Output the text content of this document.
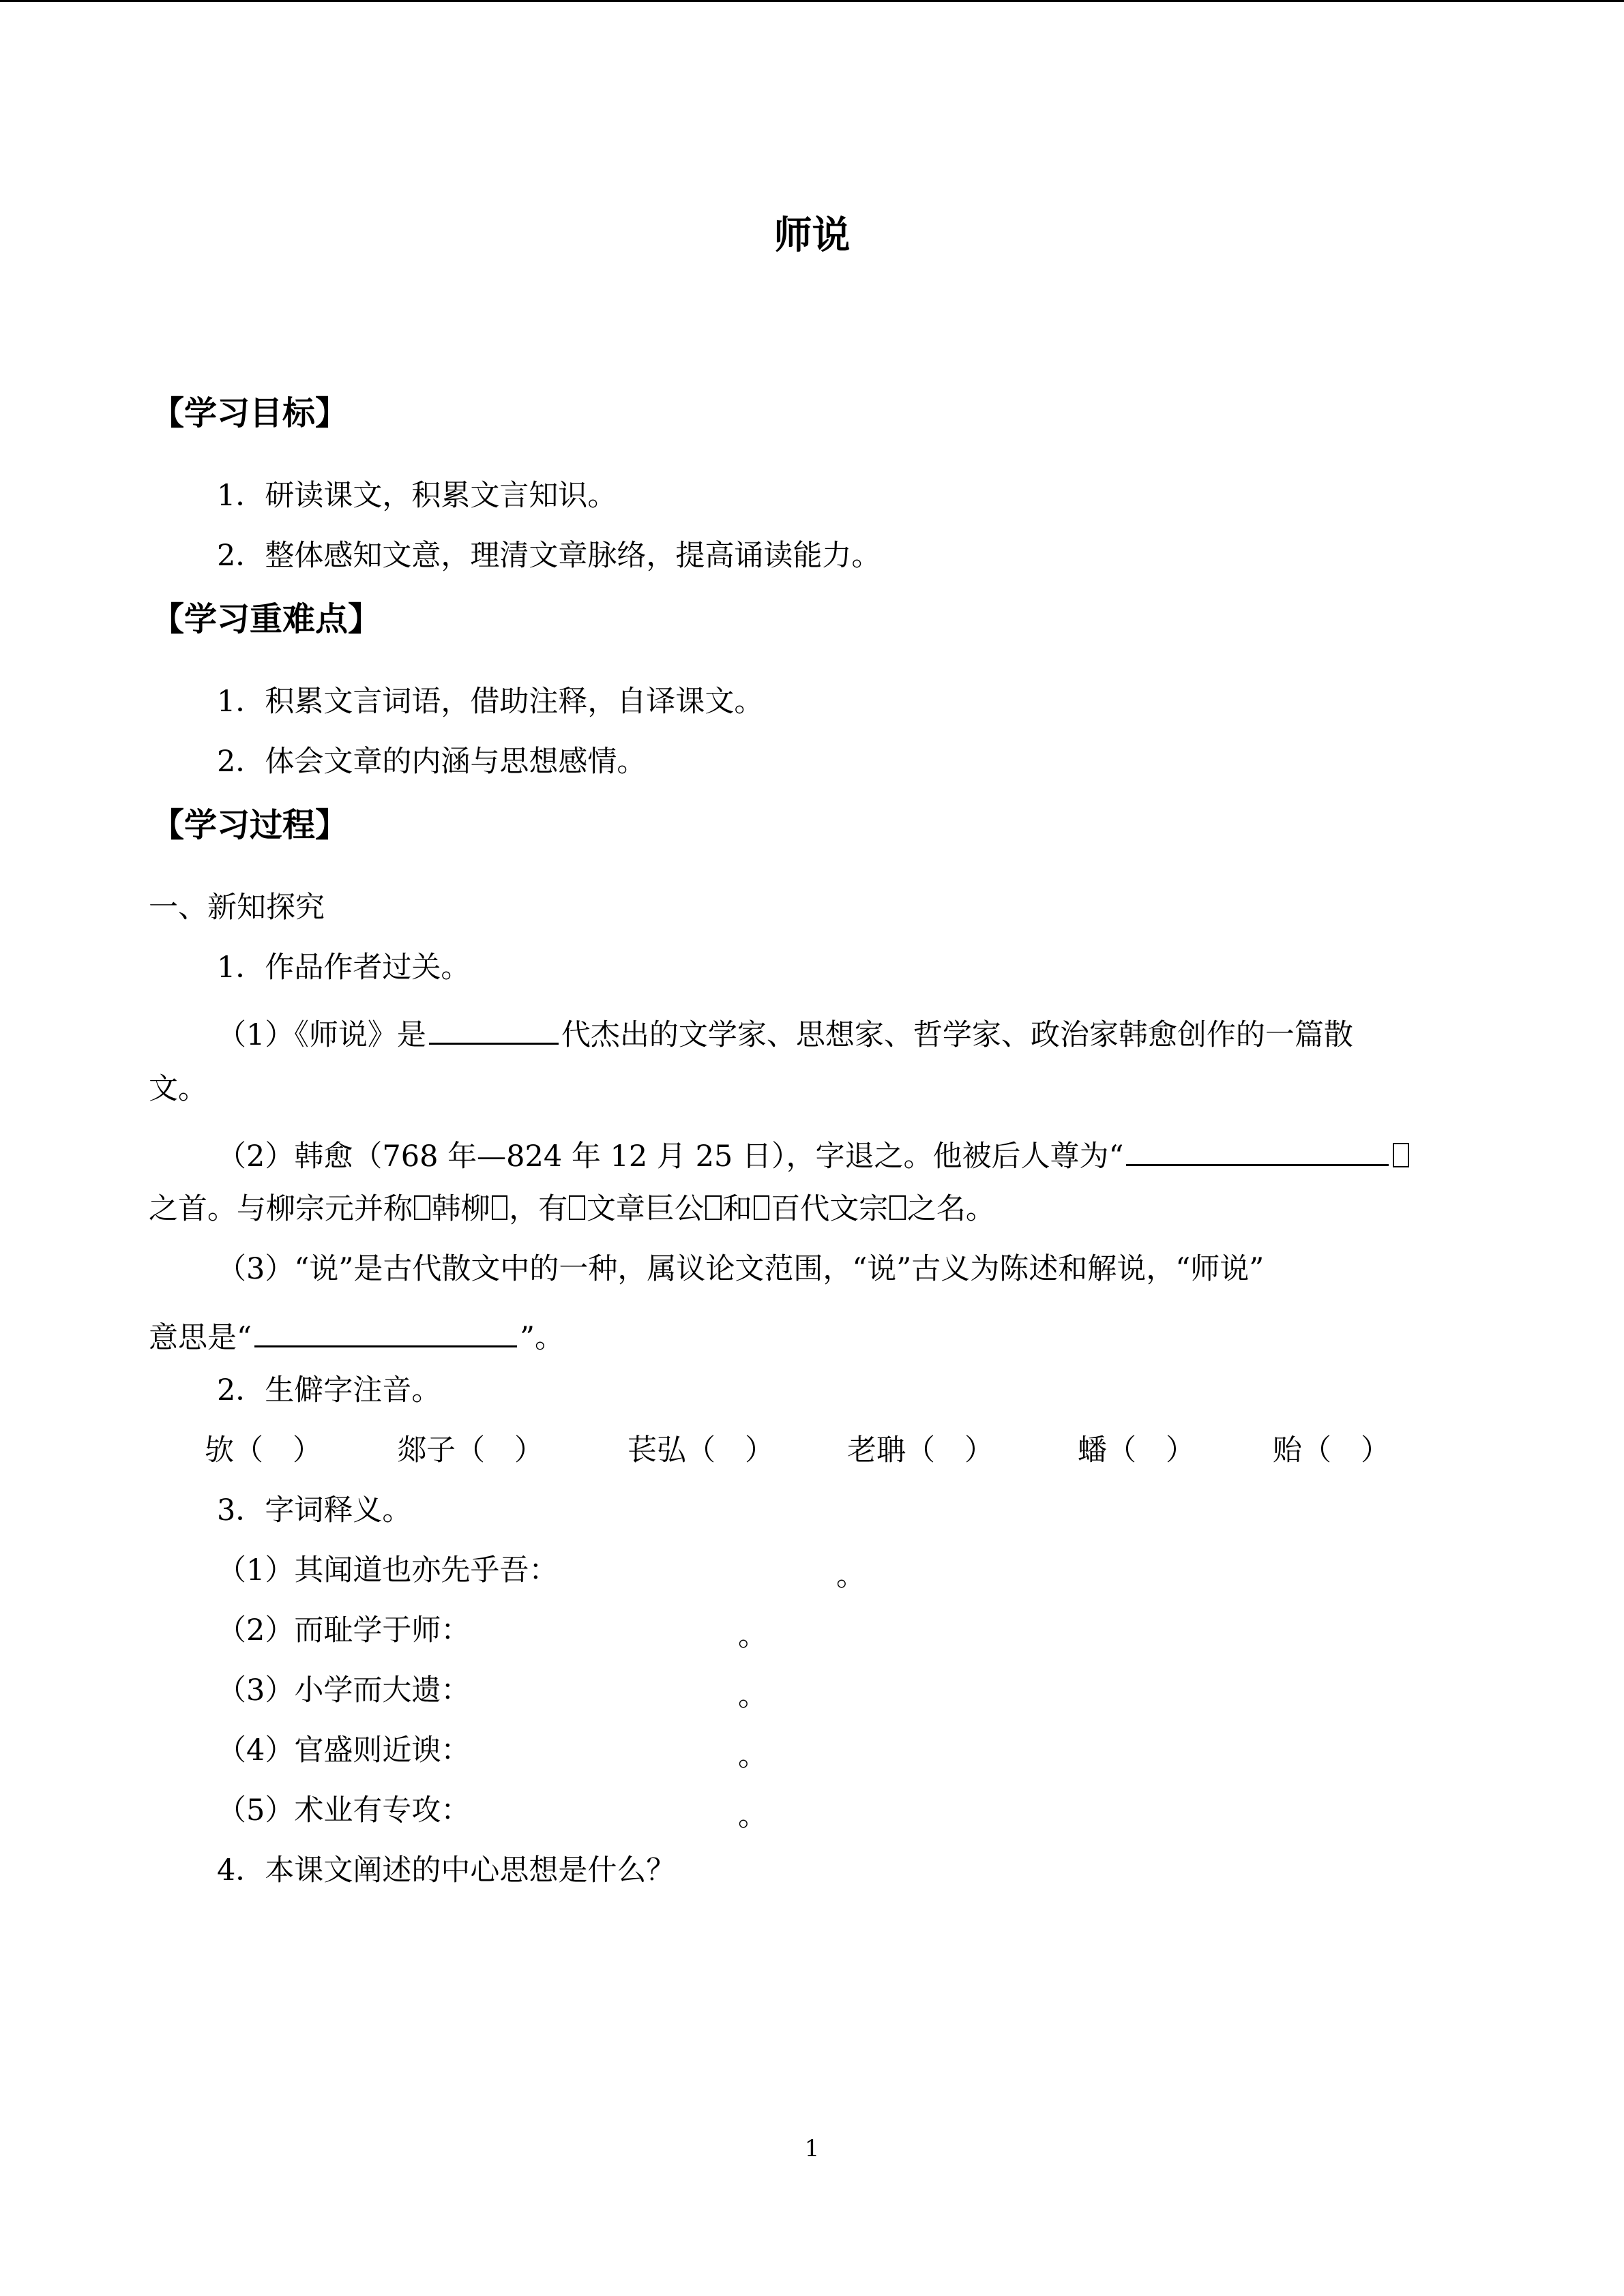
师说
【学习目标】
1．研读课文，积累文言知识。
2．整体感知文意，理清文章脉络，提高诵读能力。
【学习重难点】
1．积累文言词语，借助注释，自译课文。
2．体会文章的内涵与思想感情。
【学习过程】
一、新知探究
1．作品作者过关。
（1）《师说》是	代杰出的文学家、思想家、哲学家、政治家韩愈创作的一篇散
文。
（2）韩愈（768 年—824 年 12 月 25 日），字退之。他被后人尊为“
之首。与柳宗元并称 韩柳 ，有 文章巨公 和 百代文宗 之名。
（3）“说”是古代散文中的一种，属议论文范围，“说”古义为陈述和解说，“师说”
意思是“	”。
2．生僻字注音。
欤（　）	郯子（　）	苌弘（　） 老聃（　）	蟠（　）	贻（　）
3．字词释义。
（1）其闻道也亦先乎吾：	。
（2）而耻学于师：	。
（3）小学而大遗：	。
（4）官盛则近谀：	。
（5）术业有专攻：	。
4．本课文阐述的中心思想是什么？
1
